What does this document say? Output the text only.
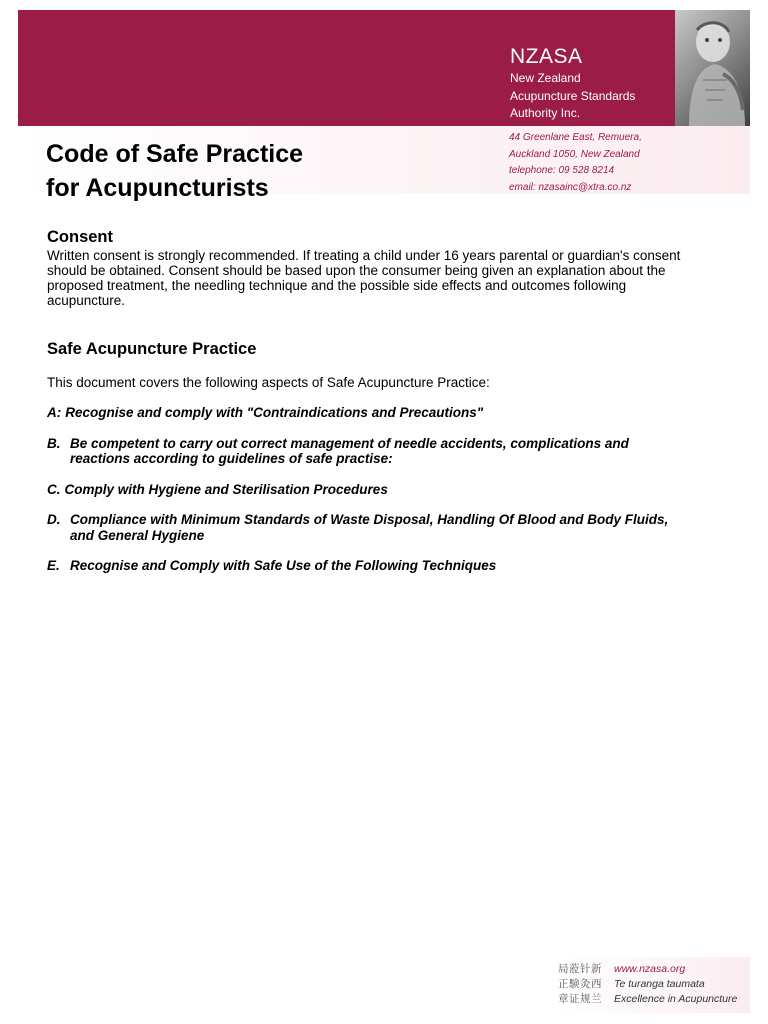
NZASA
New Zealand
Acupuncture Standards
Authority Inc.
44 Greenlane East, Remuera,
Auckland 1050, New Zealand
telephone: 09 528 8214
email: nzasainc@xtra.co.nz
Code of Safe Practice
for Acupuncturists
Consent

Written consent is strongly recommended. If treating a child under 16 years parental or guardian's consent should be obtained. Consent should be based upon the consumer being given an explanation about the proposed treatment, the needling technique and the possible side effects and outcomes following acupuncture.

Safe Acupuncture Practice

This document covers the following aspects of Safe Acupuncture Practice:

A: Recognise and comply with "Contraindications and Precautions"
B. Be competent to carry out correct management of needle accidents, complications and reactions according to guidelines of safe practise:
C. Comply with Hygiene and Sterilisation Procedures
D. Compliance with Minimum Standards of Waste Disposal, Handling Of Blood and Body Fluids, and General Hygiene
E. Recognise and Comply with Safe Use of the Following Techniques
局蒞针新
正験灸西
章证规兰
www.nzasa.org
Te turanga taumata
Excellence in Acupuncture
